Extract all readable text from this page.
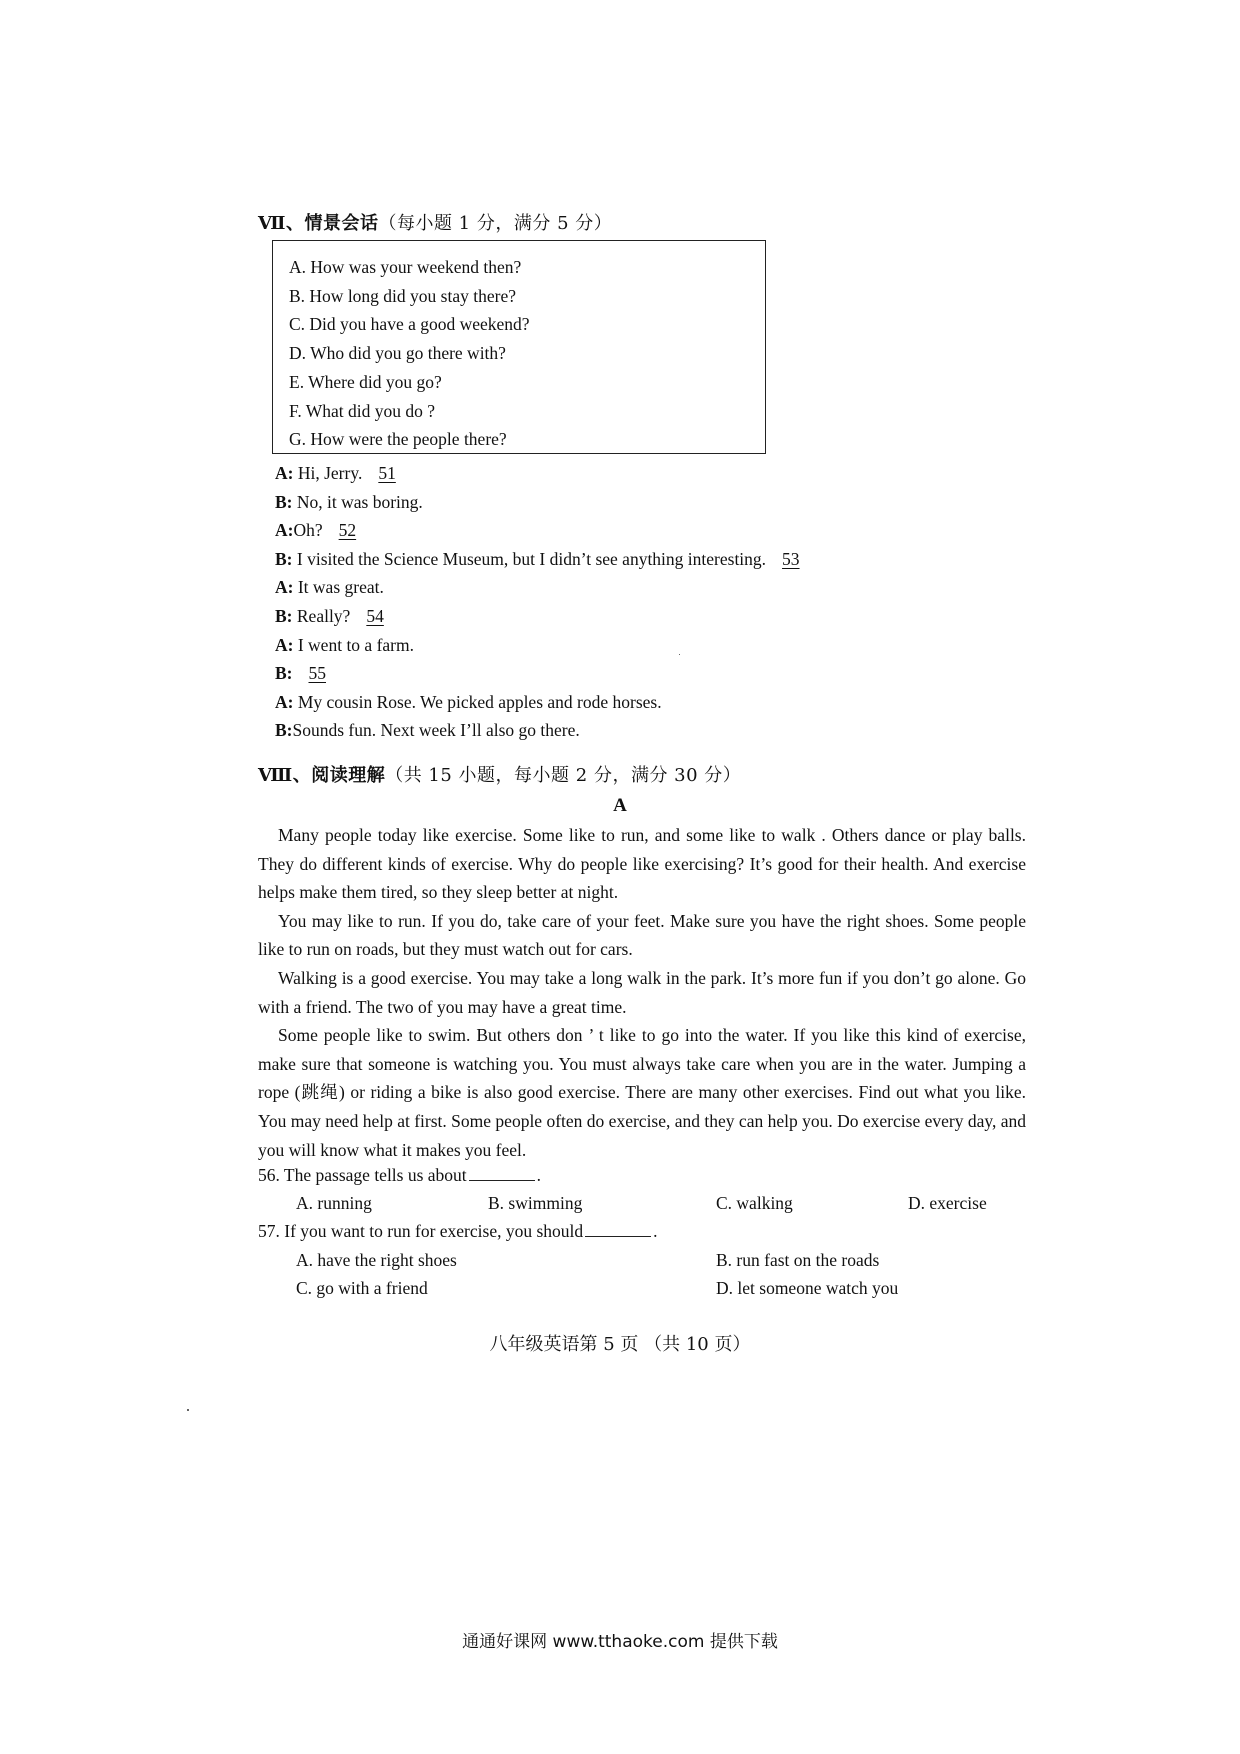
Ⅶ、情景会话（每小题 1 分，满分 5 分）
A. How was your weekend then?
B. How long did you stay there?
C. Did you have a good weekend?
D. Who did you go there with?
E. Where did you go?
F. What did you do ?
G. How were the people there?
A: Hi, Jerry. 51
B: No, it was boring.
A:Oh? 52
B: I visited the Science Museum, but I didn’t see anything interesting. 53
A: It was great.
B: Really? 54
A: I went to a farm.
B: 55
A: My cousin Rose. We picked apples and rode horses.
B:Sounds fun. Next week I’ll also go there.
Ⅷ、阅读理解（共 15 小题，每小题 2 分，满分 30 分）
A

Many people today like exercise. Some like to run, and some like to walk . Others dance or play balls. They do different kinds of exercise. Why do people like exercising? It’s good for their health. And exercise helps make them tired, so they sleep better at night.

You may like to run. If you do, take care of your feet. Make sure you have the right shoes. Some people like to run on roads, but they must watch out for cars.

Walking is a good exercise. You may take a long walk in the park. It’s more fun if you don’t go alone. Go with a friend. The two of you may have a great time.

Some people like to swim. But others don ’ t like to go into the water. If you like this kind of exercise, make sure that someone is watching you. You must always take care when you are in the water. Jumping a rope (跳绳) or riding a bike is also good exercise. There are many other exercises. Find out what you like. You may need help at first. Some people often do exercise, and they can help you. Do exercise every day, and you will know what it makes you feel.

56. The passage tells us about	.
A. running	B. swimming	C. walking	D. exercise
57. If you want to run for exercise, you should	.
A. have the right shoes	B. run fast on the roads
C. go with a friend	D. let someone watch you
八年级英语第 5 页 （共 10 页）
通通好课网 www.tthaoke.com 提供下载
